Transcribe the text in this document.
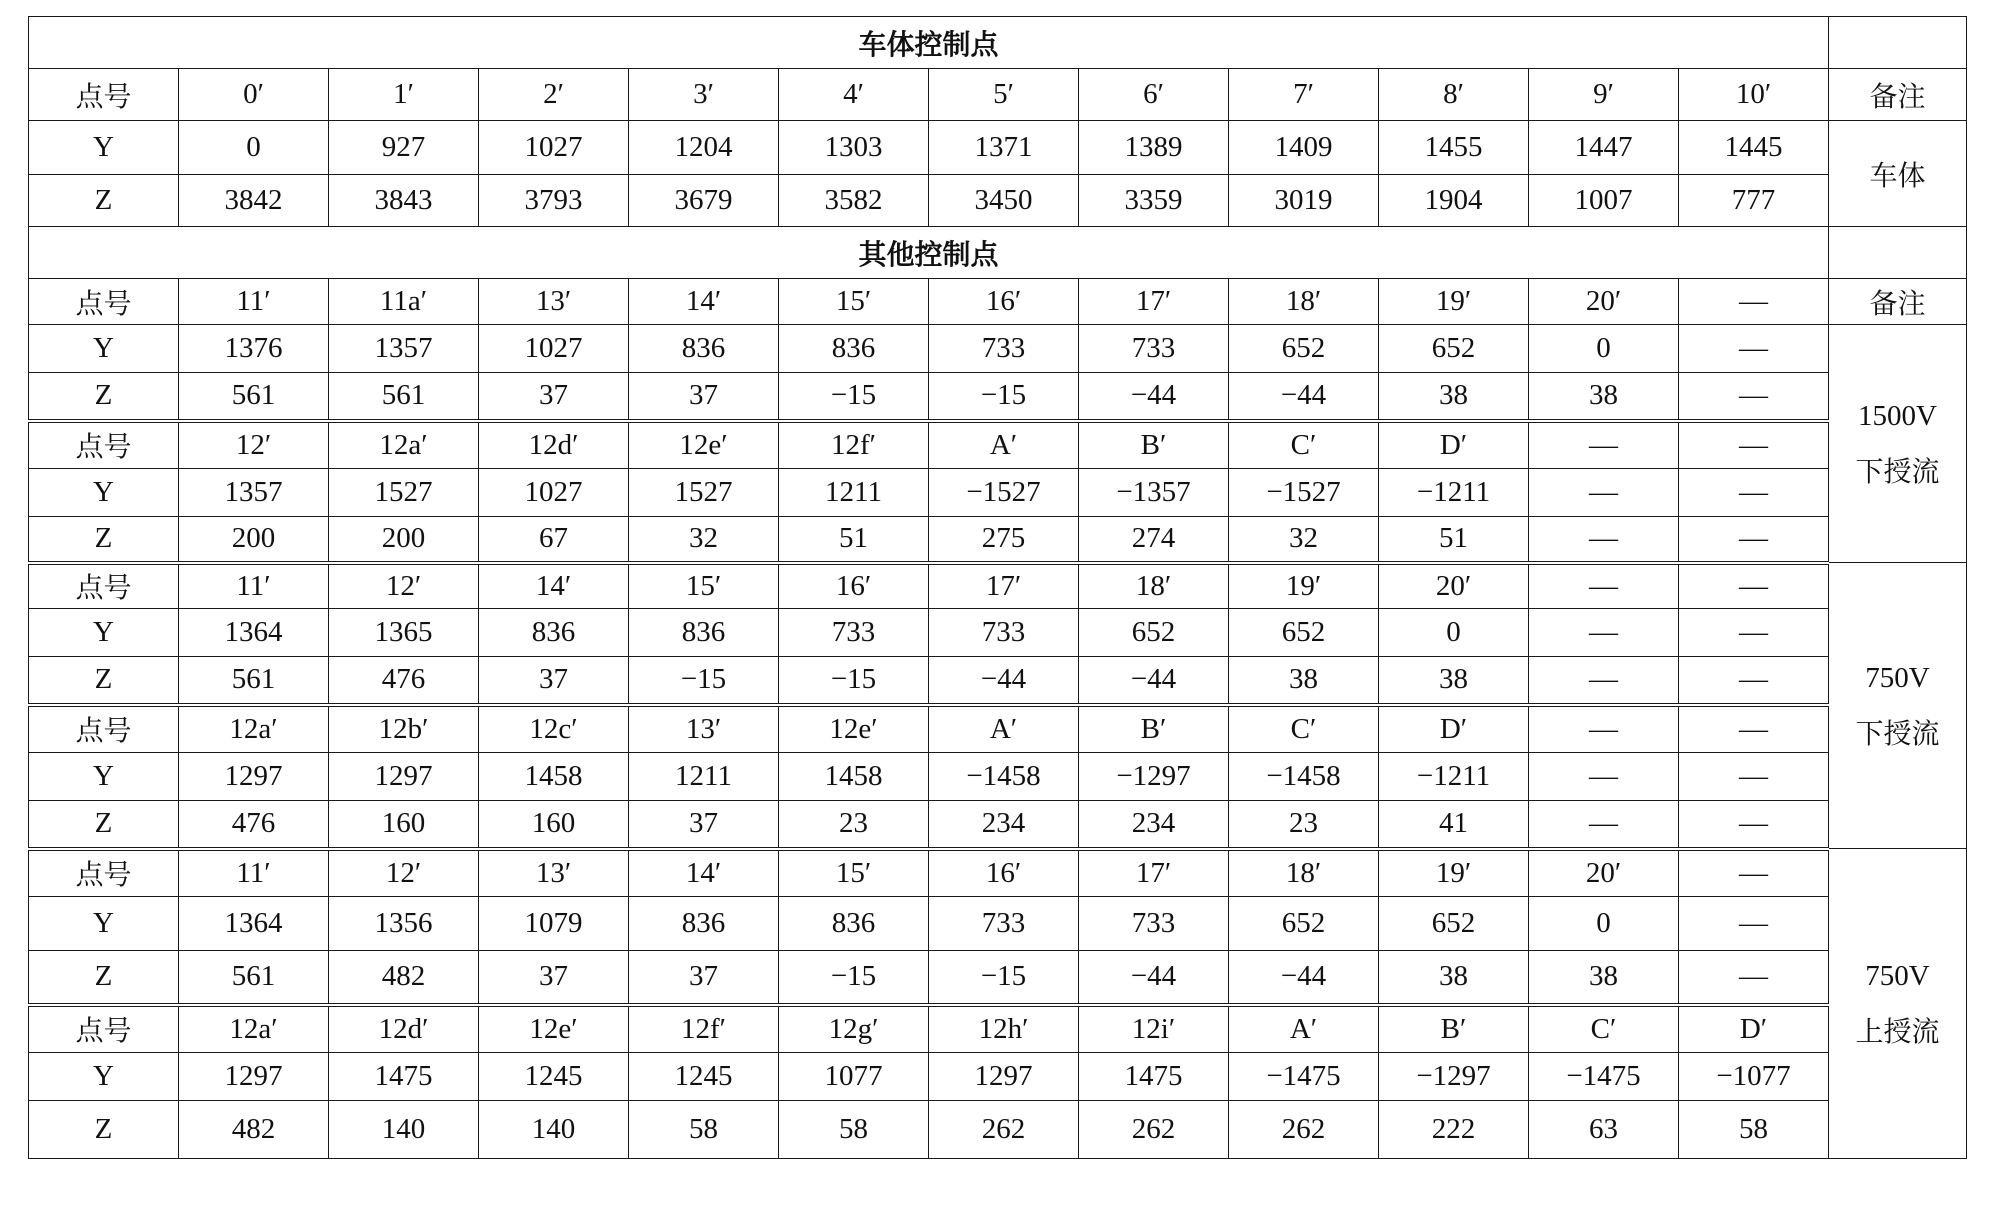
车体控制点												
点号	0′	1′	2′	3′	4′	5′	6′	7′	8′	9′	10′	备注
Y	0	927	1027	1204	1303	1371	1389	1409	1455	1447	1445	车体
Z	3842	3843	3793	3679	3582	3450	3359	3019	1904	1007	777	
其他控制点												
点号	11′	11a′	13′	14′	15′	16′	17′	18′	19′	20′	—	备注
Y	1376	1357	1027	836	836	733	733	652	652	0	—	1500V
下授流

Z	561	561	37	37	−15	−15	−44	−44	38	38	—	
点号	12′	12a′	12d′	12e′	12f′	A′	B′	C′	D′	—	—	
Y	1357	1527	1027	1527	1211	−1527	−1357	−1527	−1211	—	—	
Z	200	200	67	32	51	275	274	32	51	—	—	
点号	11′	12′	14′	15′	16′	17′	18′	19′	20′	—	—	750V
下授流

Y	1364	1365	836	836	733	733	652	652	0	—	—	
Z	561	476	37	−15	−15	−44	−44	38	38	—	—	
点号	12a′	12b′	12c′	13′	12e′	A′	B′	C′	D′	—	—	
Y	1297	1297	1458	1211	1458	−1458	−1297	−1458	−1211	—	—	
Z	476	160	160	37	23	234	234	23	41	—	—	
点号	11′	12′	13′	14′	15′	16′	17′	18′	19′	20′	—	750V
上授流

Y	1364	1356	1079	836	836	733	733	652	652	0	—	
Z	561	482	37	37	−15	−15	−44	−44	38	38	—	
点号	12a′	12d′	12e′	12f′	12g′	12h′	12i′	A′	B′	C′	D′	
Y	1297	1475	1245	1245	1077	1297	1475	−1475	−1297	−1475	−1077	
Z	482	140	140	58	58	262	262	262	222	63	58	
